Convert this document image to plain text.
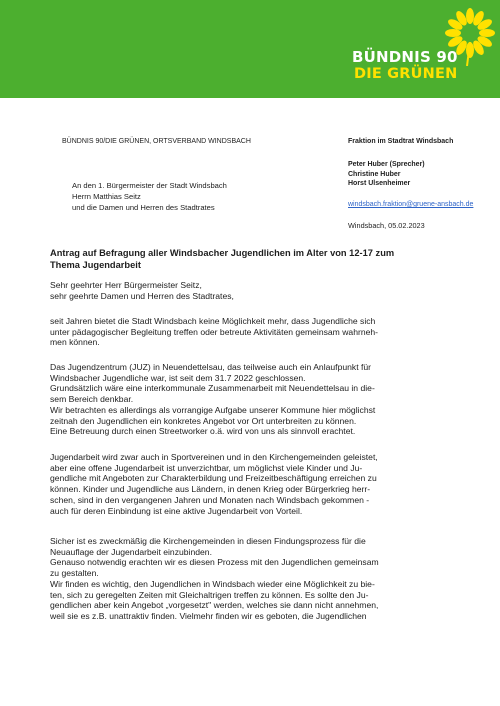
BÜNDNIS 90
DIE GRÜNEN
BÜNDNIS 90/DIE GRÜNEN, ORTSVERBAND WINDSBACH	Fraktion im Stadtrat Windsbach
Peter Huber (Sprecher)
Christine Huber
Horst Ulsenheimer
windsbach.fraktion@gruene-ansbach.de
Windsbach, 05.02.2023
An den 1. Bürgermeister der Stadt Windsbach
Herrn Matthias Seitz
und die Damen und Herren des Stadtrates
Antrag auf Befragung aller Windsbacher Jugendlichen im Alter von 12-17 zum
Thema Jugendarbeit
Sehr geehrter Herr Bürgermeister Seitz,
sehr geehrte Damen und Herren des Stadtrates,
seit Jahren bietet die Stadt Windsbach keine Möglichkeit mehr, dass Jugendliche sich
unter pädagogischer Begleitung treffen oder betreute Aktivitäten gemeinsam wahrneh-
men können.
Das Jugendzentrum (JUZ) in Neuendettelsau, das teilweise auch ein Anlaufpunkt für
Windsbacher Jugendliche war, ist seit dem 31.7 2022 geschlossen.
Grundsätzlich wäre eine interkommunale Zusammenarbeit mit Neuendettelsau in die-
sem Bereich denkbar.
Wir betrachten es allerdings als vorrangige Aufgabe unserer Kommune hier möglichst
zeitnah den Jugendlichen ein konkretes Angebot vor Ort unterbreiten zu können.
Eine Betreuung durch einen Streetworker o.ä. wird von uns als sinnvoll erachtet.
Jugendarbeit wird zwar auch in Sportvereinen und in den Kirchengemeinden geleistet,
aber eine offene Jugendarbeit ist unverzichtbar, um möglichst viele Kinder und Ju-
gendliche mit Angeboten zur Charakterbildung und Freizeitbeschäftigung erreichen zu
können. Kinder und Jugendliche aus Ländern, in denen Krieg oder Bürgerkrieg herr-
schen, sind in den vergangenen Jahren und Monaten nach Windsbach gekommen -
auch für deren Einbindung ist eine aktive Jugendarbeit von Vorteil.
Sicher ist es zweckmäßig die Kirchengemeinden in diesen Findungsprozess für die
Neuauflage der Jugendarbeit einzubinden.
Genauso notwendig erachten wir es diesen Prozess mit den Jugendlichen gemeinsam
zu gestalten.
Wir finden es wichtig, den Jugendlichen in Windsbach wieder eine Möglichkeit zu bie-
ten, sich zu geregelten Zeiten mit Gleichaltrigen treffen zu können. Es sollte den Ju-
gendlichen aber kein Angebot „vorgesetzt" werden, welches sie dann nicht annehmen,
weil sie es z.B. unattraktiv finden. Vielmehr finden wir es geboten, die Jugendlichen
